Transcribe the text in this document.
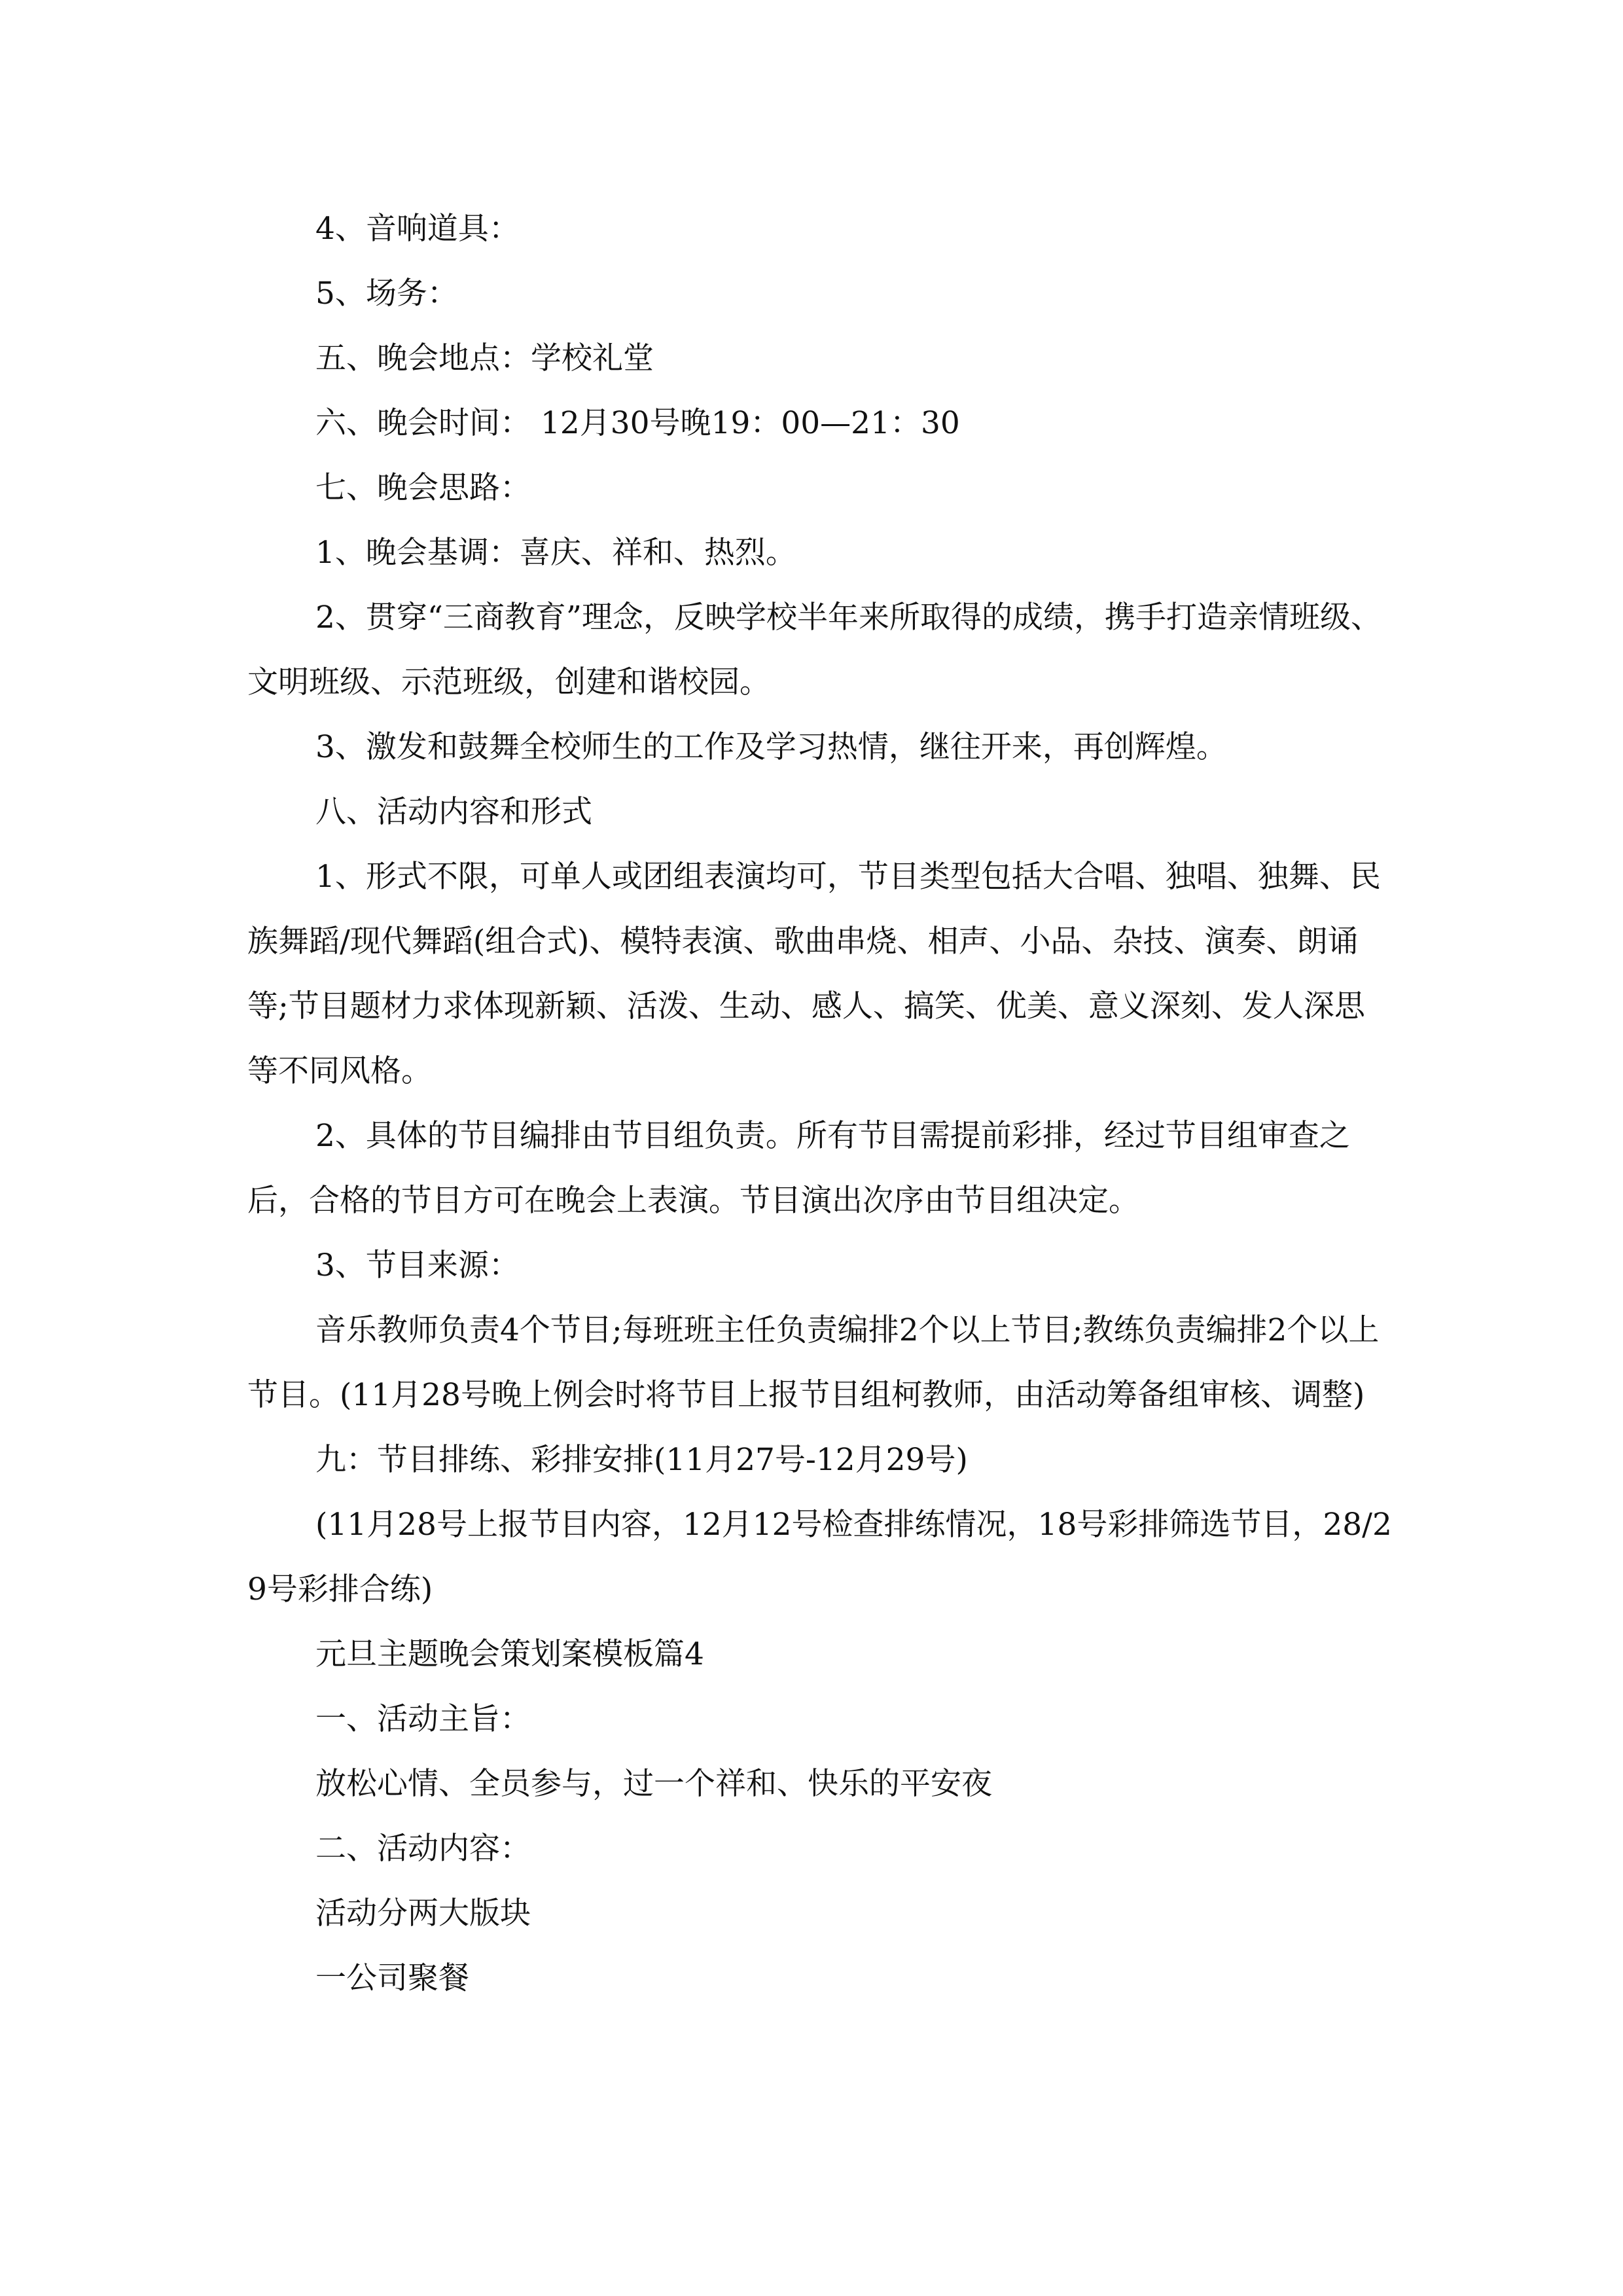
4、音响道具：

5、场务：

五、晚会地点：学校礼堂

六、晚会时间： 12月30号晚19：00—21：30

七、晚会思路：

1、晚会基调：喜庆、祥和、热烈。

2、贯穿“三商教育”理念，反映学校半年来所取得的成绩，携手打造亲情班级、文明班级、示范班级，创建和谐校园。

3、激发和鼓舞全校师生的工作及学习热情，继往开来，再创辉煌。

八、活动内容和形式

1、形式不限，可单人或团组表演均可，节目类型包括大合唱、独唱、独舞、民族舞蹈/现代舞蹈(组合式)、模特表演、歌曲串烧、相声、小品、杂技、演奏、朗诵等;节目题材力求体现新颖、活泼、生动、感人、搞笑、优美、意义深刻、发人深思等不同风格。

2、具体的节目编排由节目组负责。所有节目需提前彩排，经过节目组审查之后，合格的节目方可在晚会上表演。节目演出次序由节目组决定。

3、节目来源：

音乐教师负责4个节目;每班班主任负责编排2个以上节目;教练负责编排2个以上节目。(11月28号晚上例会时将节目上报节目组柯教师，由活动筹备组审核、调整)

九：节目排练、彩排安排(11月27号-12月29号)

(11月28号上报节目内容，12月12号检查排练情况，18号彩排筛选节目，28/29号彩排合练)

元旦主题晚会策划案模板篇4

一、活动主旨：

放松心情、全员参与，过一个祥和、快乐的平安夜

二、活动内容：

活动分两大版块

一公司聚餐
